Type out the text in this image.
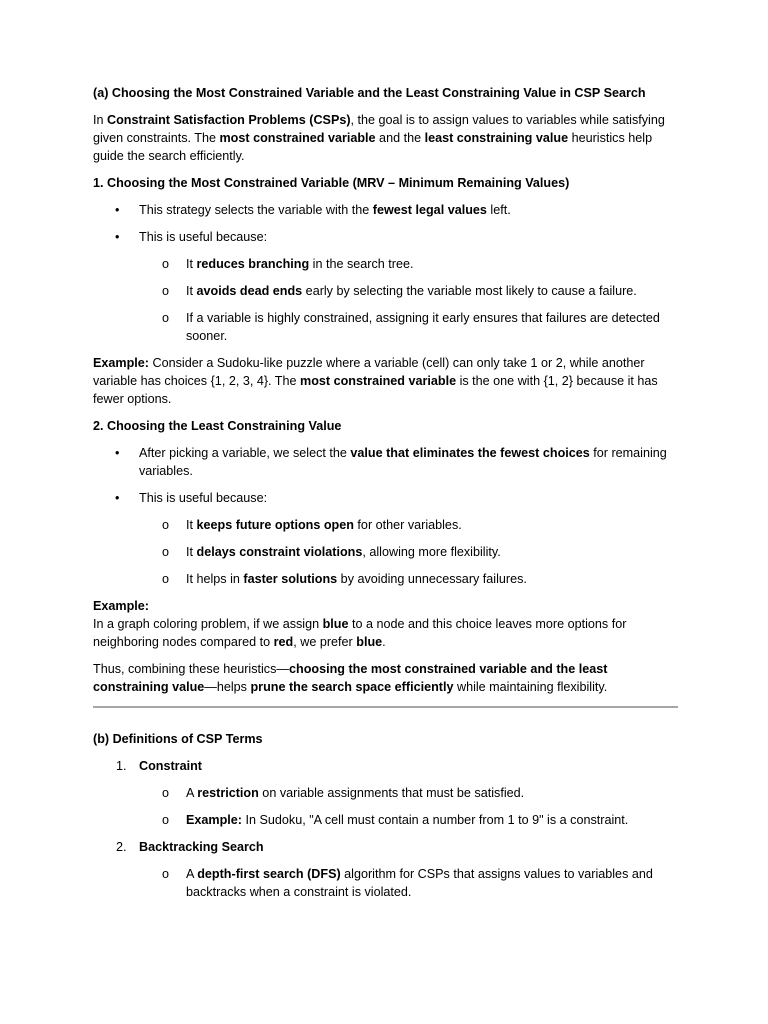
(a) Choosing the Most Constrained Variable and the Least Constraining Value in CSP Search

In Constraint Satisfaction Problems (CSPs), the goal is to assign values to variables while satisfying given constraints. The most constrained variable and the least constraining value heuristics help guide the search efficiently.

1. Choosing the Most Constrained Variable (MRV – Minimum Remaining Values)

• This strategy selects the variable with the fewest legal values left.
• This is useful because:
o It reduces branching in the search tree.
o It avoids dead ends early by selecting the variable most likely to cause a failure.
o If a variable is highly constrained, assigning it early ensures that failures are detected sooner.

Example: Consider a Sudoku-like puzzle where a variable (cell) can only take 1 or 2, while another variable has choices {1, 2, 3, 4}. The most constrained variable is the one with {1, 2} because it has fewer options.

2. Choosing the Least Constraining Value

• After picking a variable, we select the value that eliminates the fewest choices for remaining variables.
• This is useful because:
o It keeps future options open for other variables.
o It delays constraint violations, allowing more flexibility.
o It helps in faster solutions by avoiding unnecessary failures.

Example:

In a graph coloring problem, if we assign blue to a node and this choice leaves more options for neighboring nodes compared to red, we prefer blue.

Thus, combining these heuristics—choosing the most constrained variable and the least constraining value—helps prune the search space efficiently while maintaining flexibility.

(b) Definitions of CSP Terms

1. Constraint
o A restriction on variable assignments that must be satisfied.
o Example: In Sudoku, "A cell must contain a number from 1 to 9" is a constraint.
2. Backtracking Search
o A depth-first search (DFS) algorithm for CSPs that assigns values to variables and backtracks when a constraint is violated.
